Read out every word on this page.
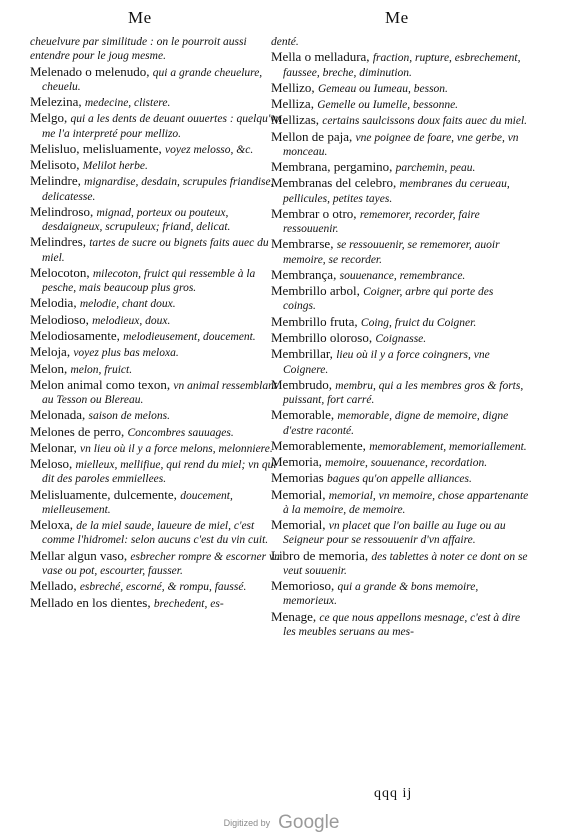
Me	Me
cheuelvure par similitude : on le pourroit aussi entendre pour le joug mesme.
Melenado o melenudo, qui a grande cheuelure, cheuelu.
Melezina, medecine, clistere.
Melgo, qui a les dents de deuant ouuertes : quelqu'vn me l'a interpreté pour mellizo.
Melisluo, melisluamente, voyez melosso, &c.
Melisoto, Melilot herbe.
Melindre, mignardise, desdain, scrupules friandise, delicatesse.
Melindroso, mignad, porteux ou pouteux, desdaigneux, scrupuleux; friand, delicat.
Melindres, tartes de sucre ou bignets faits auec du miel.
Melocoton, milecoton, fruict qui ressemble à la pesche, mais beaucoup plus gros.
Melodia, melodie, chant doux.
Melodioso, melodieux, doux.
Melodiosamente, melodieusement, doucement.
Meloja, voyez plus bas meloxa.
Melon, melon, fruict.
Melon animal como texon, vn animal ressemblant au Tesson ou Blereau.
Melonada, saison de melons.
Melones de perro, Concombres sauuages.
Melonar, vn lieu où il y a force melons, melonniere.
Meloso, mielleux, mellifiue, qui rend du miel; vn qui dit des paroles emmiellees.
Melisluamente, dulcemente, doucement, mielleusement.
Meloxa, de la miel saude, laueure de miel, c'est comme l'hidromel: selon aucuns c'est du vin cuit.
Mellar algun vaso, esbrecher rompre & escorner vn vase ou pot, escourter, fausser.
Mellado, esbreché, escorné, & rompu, faussé.
Mellado en los dientes, brechedent, es-
denté.
Mella o melladura, fraction, rupture, esbrechement, faussee, breche, diminution.
Mellizo, Gemeau ou Iumeau, besson.
Melliza, Gemelle ou Iumelle, bessonne.
Mellizas, certains saulcissons doux faits auec du miel.
Mellon de paja, vne poignee de foare, vne gerbe, vn monceau.
Membrana, pergamino, parchemin, peau.
Membranas del celebro, membranes du cerueau, pellicules, petites tayes.
Membrar o otro, rememorer, recorder, faire ressouuenir.
Membrarse, se ressouuenir, se rememorer, auoir memoire, se recorder.
Membrança, souuenance, remembrance.
Membrillo arbol, Coigner, arbre qui porte des coings.
Membrillo fruta, Coing, fruict du Coigner.
Membrillo oloroso, Coignasse.
Membrillar, lieu où il y a force coingners, vne Coignere.
Membrudo, membru, qui a les membres gros & forts, puissant, fort carré.
Memorable, memorable, digne de memoire, digne d'estre raconté.
Memorablemente, memorablement, memoriallement.
Memoria, memoire, souuenance, recordation.
Memorias bagues qu'on appelle alliances.
Memorial, memorial, vn memoire, chose appartenante à la memoire, de memoire.
Memorial, vn placet que l'on baille au Iuge ou au Seigneur pour se ressouuenir d'vn affaire.
Libro de memoria, des tablettes à noter ce dont on se veut souuenir.
Memorioso, qui a grande & bons memoire, memorieux.
Menage, ce que nous appellons mesnage, c'est à dire les meubles seruans au mes-
qqq ij
Digitized by Google
